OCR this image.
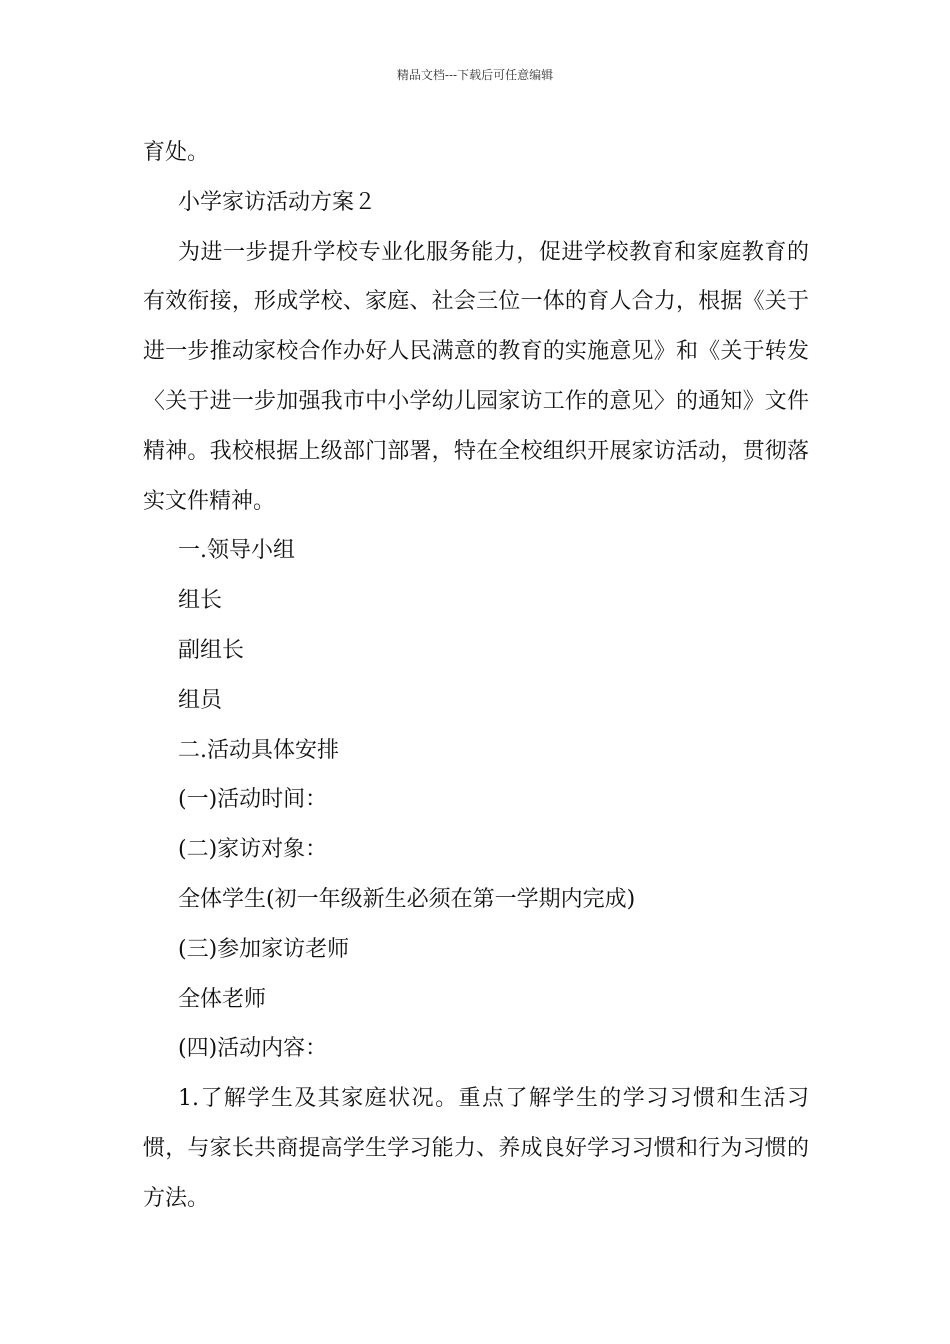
精品文档---下载后可任意编辑

育处。

小学家访活动方案２

为进一步提升学校专业化服务能力，促进学校教育和家庭教育的有效衔接，形成学校、家庭、社会三位一体的育人合力，根据《关于进一步推动家校合作办好人民满意的教育的实施意见》和《关于转发〈关于进一步加强我市中小学幼儿园家访工作的意见〉的通知》文件精神。我校根据上级部门部署，特在全校组织开展家访活动，贯彻落实文件精神。

一.领导小组

组长

副组长

组员

二.活动具体安排

(一)活动时间：

(二)家访对象：

全体学生(初一年级新生必须在第一学期内完成)

(三)参加家访老师

全体老师

(四)活动内容：

1.了解学生及其家庭状况。重点了解学生的学习习惯和生活习惯，与家长共商提高学生学习能力、养成良好学习习惯和行为习惯的方法。
